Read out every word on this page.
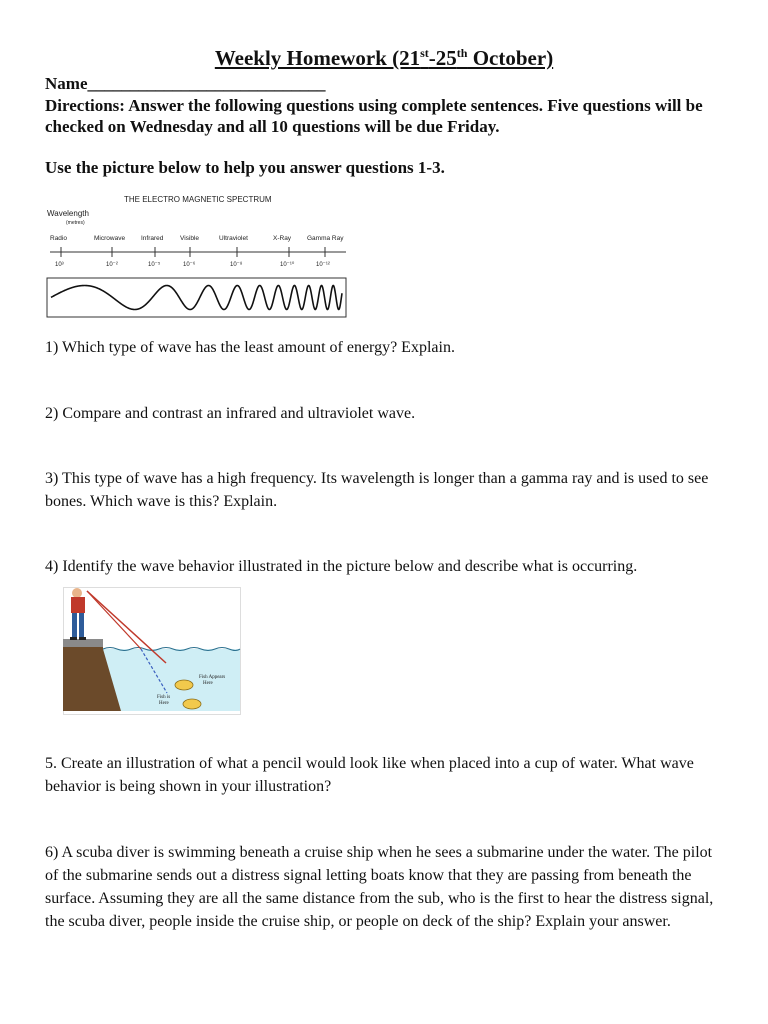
Weekly Homework (21st-25th October)
Name____________________________
Directions: Answer the following questions using complete sentences. Five questions will be checked on Wednesday and all 10 questions will be due Friday.
Use the picture below to help you answer questions 1-3.
THE ELECTRO MAGNETIC SPECTRUM
Wavelength
(metres)
Radio	Microwave Infrared	Visible	Ultraviolet	X-Ray Gamma Ray
10³	10⁻²	10⁻⁵	10⁻⁶	10⁻⁸	10⁻¹⁰	10⁻¹²
1) Which type of wave has the least amount of energy? Explain.
2) Compare and contrast an infrared and ultraviolet wave.
3) This type of wave has a high frequency. Its wavelength is longer than a gamma ray and is used to see bones. Which wave is this? Explain.
4) Identify the wave behavior illustrated in the picture below and describe what is occurring.
Fish Appears
Here
Fish is
Here
5. Create an illustration of what a pencil would look like when placed into a cup of water. What wave behavior is being shown in your illustration?
6) A scuba diver is swimming beneath a cruise ship when he sees a submarine under the water. The pilot of the submarine sends out a distress signal letting boats know that they are passing from beneath the surface. Assuming they are all the same distance from the sub, who is the first to hear the distress signal, the scuba diver, people inside the cruise ship, or people on deck of the ship? Explain your answer.
